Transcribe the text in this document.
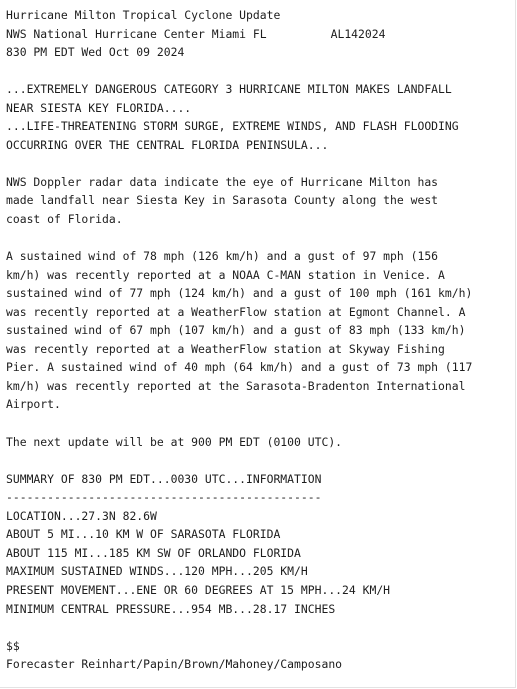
Hurricane Milton Tropical Cyclone Update
NWS National Hurricane Center Miami FL	AL142024
830 PM EDT Wed Oct 09 2024
...EXTREMELY DANGEROUS CATEGORY 3 HURRICANE MILTON MAKES LANDFALL
NEAR SIESTA KEY FLORIDA....
...LIFE-THREATENING STORM SURGE, EXTREME WINDS, AND FLASH FLOODING
OCCURRING OVER THE CENTRAL FLORIDA PENINSULA...
NWS Doppler radar data indicate the eye of Hurricane Milton has
made landfall near Siesta Key in Sarasota County along the west
coast of Florida.
A sustained wind of 78 mph (126 km/h) and a gust of 97 mph (156
km/h) was recently reported at a NOAA C-MAN station in Venice. A
sustained wind of 77 mph (124 km/h) and a gust of 100 mph (161 km/h)
was recently reported at a WeatherFlow station at Egmont Channel. A
sustained wind of 67 mph (107 km/h) and a gust of 83 mph (133 km/h)
was recently reported at a WeatherFlow station at Skyway Fishing
Pier. A sustained wind of 40 mph (64 km/h) and a gust of 73 mph (117
km/h) was recently reported at the Sarasota-Bradenton International
Airport.
The next update will be at 900 PM EDT (0100 UTC).
SUMMARY OF 830 PM EDT...0030 UTC...INFORMATION
----------------------------------------------
LOCATION...27.3N 82.6W
ABOUT 5 MI...10 KM W OF SARASOTA FLORIDA
ABOUT 115 MI...185 KM SW OF ORLANDO FLORIDA
MAXIMUM SUSTAINED WINDS...120 MPH...205 KM/H
PRESENT MOVEMENT...ENE OR 60 DEGREES AT 15 MPH...24 KM/H
MINIMUM CENTRAL PRESSURE...954 MB...28.17 INCHES
$$
Forecaster Reinhart/Papin/Brown/Mahoney/Camposano
